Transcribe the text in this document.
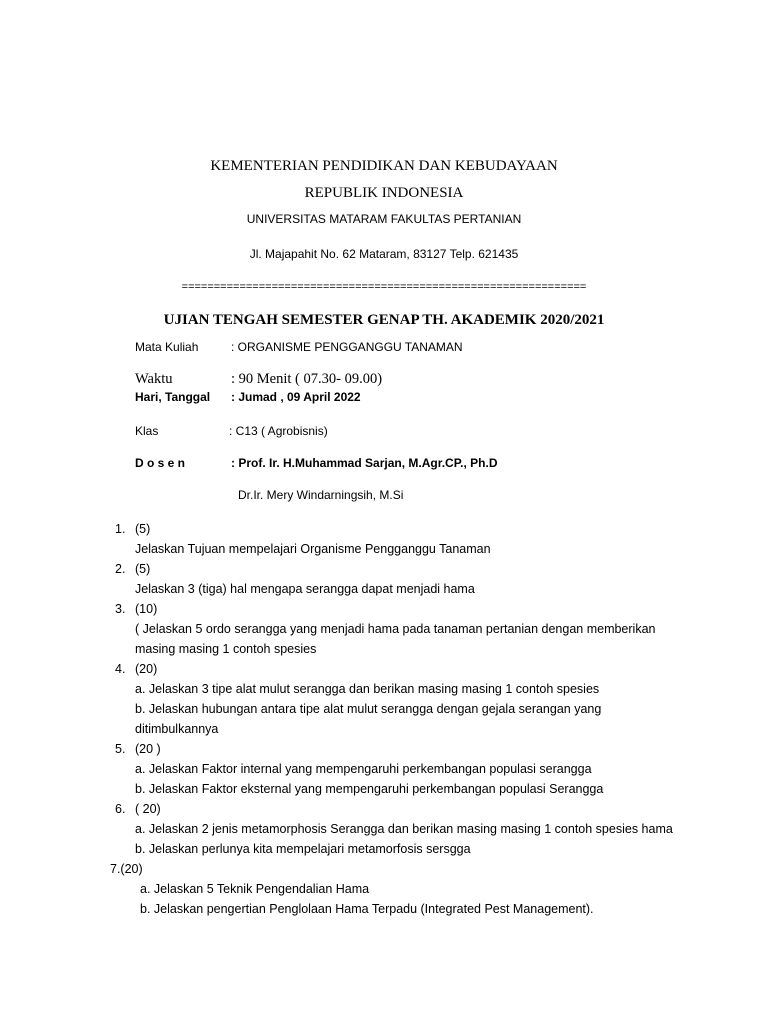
KEMENTERIAN PENDIDIKAN DAN KEBUDAYAAN
REPUBLIK INDONESIA
UNIVERSITAS MATARAM FAKULTAS PERTANIAN
Jl. Majapahit No. 62 Mataram, 83127 Telp. 621435
===============================================================
UJIAN TENGAH SEMESTER GENAP TH. AKADEMIK 2020/2021
Mata Kuliah	: ORGANISME PENGGANGGU TANAMAN
Waktu	: 90 Menit ( 07.30- 09.00)
Hari, Tanggal : Jumad , 09 April 2022
Klas	: C13 ( Agrobisnis)
D o s e n	: Prof. Ir. H.Muhammad Sarjan, M.Agr.CP., Ph.D
Dr.Ir. Mery Windarningsih, M.Si
1. (5)
Jelaskan Tujuan mempelajari Organisme Pengganggu Tanaman
2. (5)
Jelaskan 3 (tiga) hal mengapa serangga dapat menjadi hama
3. (10)
( Jelaskan 5 ordo serangga yang menjadi hama pada tanaman pertanian dengan memberikan
masing masing 1 contoh spesies
4. (20)
a. Jelaskan 3 tipe alat mulut serangga dan berikan masing masing 1 contoh spesies
b. Jelaskan hubungan antara tipe alat mulut serangga dengan gejala serangan yang
ditimbulkannya
5. (20 )
a. Jelaskan Faktor internal yang mempengaruhi perkembangan populasi serangga
b. Jelaskan Faktor eksternal yang mempengaruhi perkembangan populasi Serangga
6. ( 20)
a. Jelaskan 2 jenis metamorphosis Serangga dan berikan masing masing 1 contoh spesies hama
b. Jelaskan perlunya kita mempelajari metamorfosis sersgga
7.(20)
a. Jelaskan 5 Teknik Pengendalian Hama
b. Jelaskan pengertian Penglolaan Hama Terpadu (Integrated Pest Management).
